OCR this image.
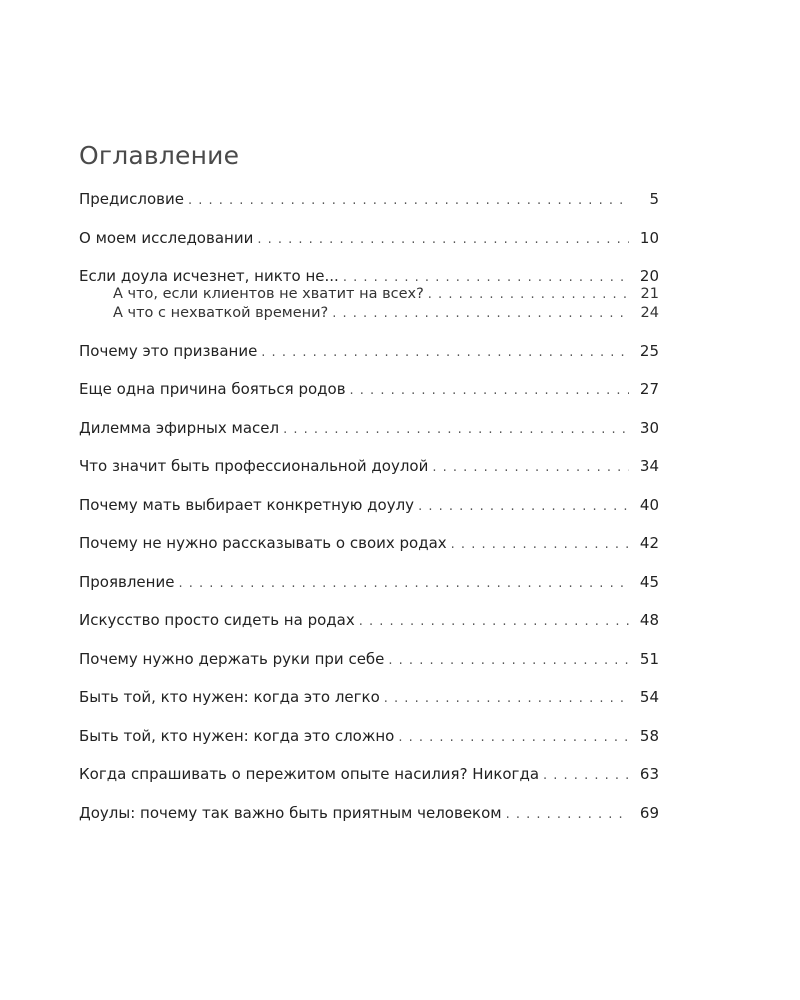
Оглавление
Предисловие . . .	5
О моем исследовании . . .	10
Если доула исчезнет, никто не... . . .	20
А что, если клиентов не хватит на всех? . . .	21
А что с нехваткой времени? . . .	24
Почему это призвание . . .	25
Еще одна причина бояться родов . . .	27
Дилемма эфирных масел . . .	30
Что значит быть профессиональной доулой . . .	34
Почему мать выбирает конкретную доулу . . .	40
Почему не нужно рассказывать о своих родах . . .	42
Проявление . . .	45
Искусство просто сидеть на родах . . .	48
Почему нужно держать руки при себе . . .	51
Быть той, кто нужен: когда это легко . . .	54
Быть той, кто нужен: когда это сложно . . .	58
Когда спрашивать о пережитом опыте насилия? Никогда . . .	63
Доулы: почему так важно быть приятным человеком . . .	69
